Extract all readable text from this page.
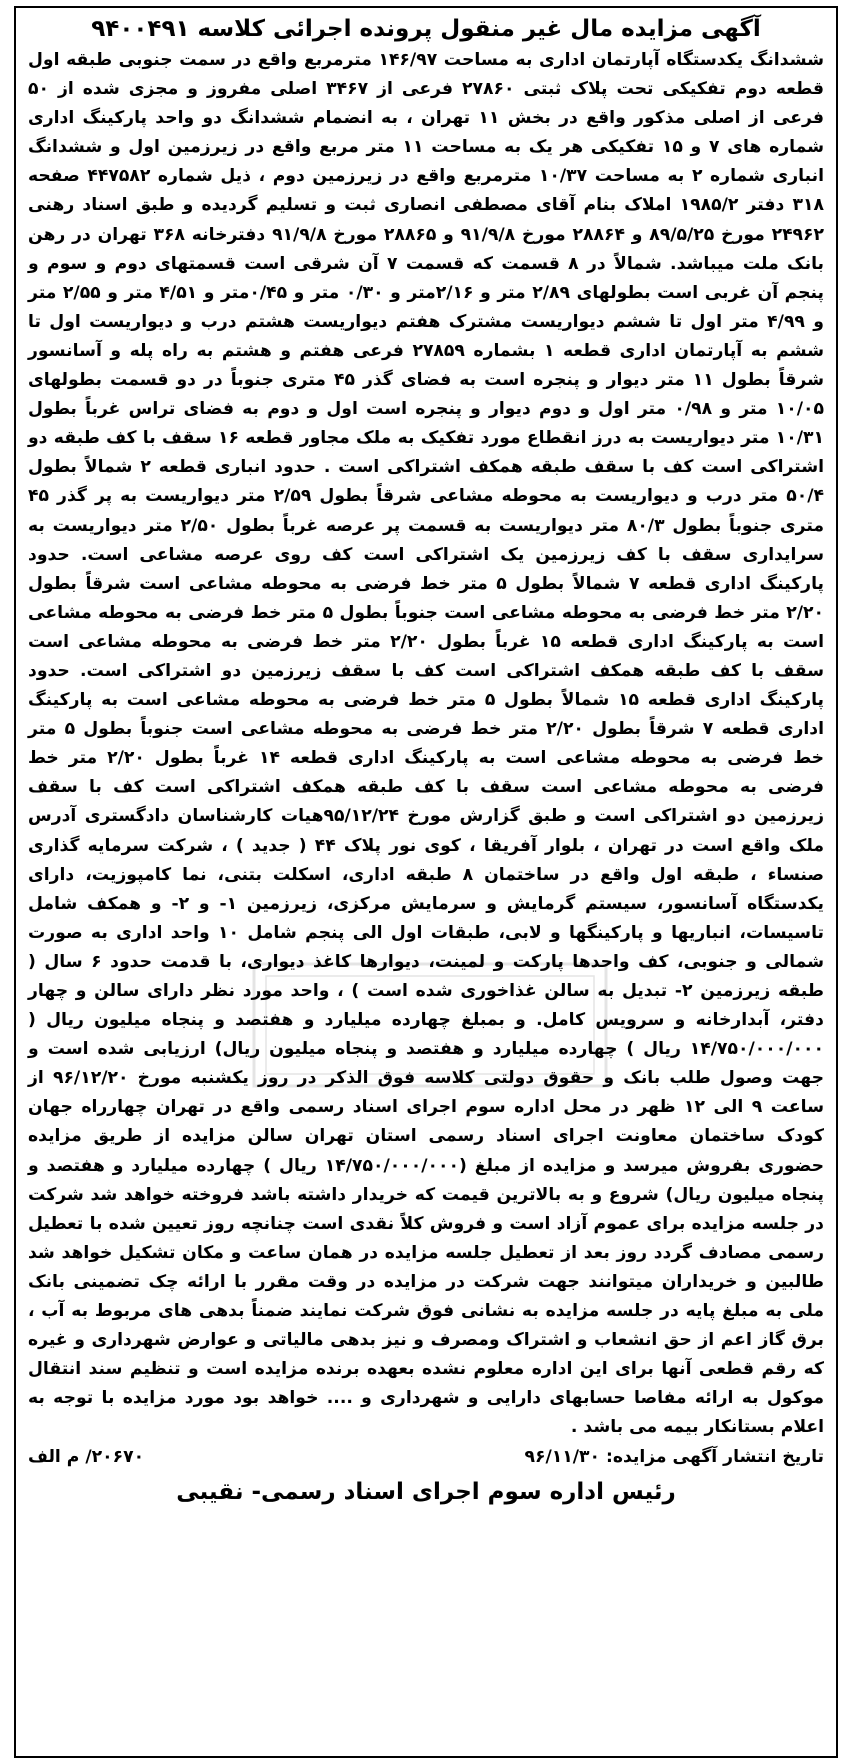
آگهی مزایده مال غیر منقول پرونده اجرائی کلاسه ۹۴۰۰۴۹۱

ششدانگ یکدستگاه آپارتمان اداری به مساحت ۱۴۶/۹۷ مترمربع واقع در سمت جنوبی طبقه اول قطعه دوم تفکیکی تحت پلاک ثبتی ۲۷۸۶۰ فرعی از ۳۴۶۷ اصلی مفروز و مجزی شده از ۵۰ فرعی از اصلی مذکور واقع در بخش ۱۱ تهران ، به انضمام ششدانگ دو واحد پارکینگ اداری شماره های ۷ و ۱۵ تفکیکی هر یک به مساحت ۱۱ متر مربع واقع در زیرزمین اول و ششدانگ انباری شماره ۲ به مساحت ۱۰/۳۷ مترمربع واقع در زیرزمین دوم ، ذیل شماره ۴۴۷۵۸۲ صفحه ۳۱۸ دفتر ۱۹۸۵/۲ املاک بنام آقای مصطفی انصاری ثبت و تسلیم گردیده و طبق اسناد رهنی ۲۴۹۶۲ مورخ ۸۹/۵/۲۵ و ۲۸۸۶۴ مورخ ۹۱/۹/۸ و ۲۸۸۶۵ مورخ ۹۱/۹/۸ دفترخانه ۳۶۸ تهران در رهن بانک ملت میباشد. شمالاً در ۸ قسمت که قسمت ۷ آن شرقی است قسمتهای دوم و سوم و پنجم آن غربی است بطولهای ۲/۸۹ متر و ۲/۱۶متر و ۰/۳۰ متر و ۰/۴۵متر و ۴/۵۱ متر و ۲/۵۵ متر و ۴/۹۹ متر اول تا ششم دیواریست مشترک هفتم دیواریست هشتم درب و دیواریست اول تا ششم به آپارتمان اداری قطعه ۱ بشماره ۲۷۸۵۹ فرعی هفتم و هشتم به راه پله و آسانسور شرقاً بطول ۱۱ متر دیوار و پنجره است به فضای گذر ۴۵ متری جنوباً در دو قسمت بطولهای ۱۰/۰۵ متر و ۰/۹۸ متر اول و دوم دیوار و پنجره است اول و دوم به فضای تراس غرباً بطول ۱۰/۳۱ متر دیواریست به درز انقطاع مورد تفکیک به ملک مجاور قطعه ۱۶ سقف با کف طبقه دو اشتراکی است کف با سقف طبقه همکف اشتراکی است . حدود انباری قطعه ۲ شمالاً بطول ۵۰/۴ متر درب و دیواریست به محوطه مشاعی شرقاً بطول ۲/۵۹ متر دیواریست به پر گذر ۴۵ متری جنوباً بطول ۸۰/۳ متر دیواریست به قسمت پر عرصه غرباً بطول ۲/۵۰ متر دیواریست به سرایداری سقف با کف زیرزمین یک اشتراکی است کف روی عرصه مشاعی است. حدود پارکینگ اداری قطعه ۷ شمالاً بطول ۵ متر خط فرضی به محوطه مشاعی است شرقاً بطول ۲/۲۰ متر خط فرضی به محوطه مشاعی است جنوباً بطول ۵ متر خط فرضی به محوطه مشاعی است به پارکینگ اداری قطعه ۱۵ غرباً بطول ۲/۲۰ متر خط فرضی به محوطه مشاعی است سقف با کف طبقه همکف اشتراکی است کف با سقف زیرزمین دو اشتراکی است. حدود پارکینگ اداری قطعه ۱۵ شمالاً بطول ۵ متر خط فرضی به محوطه مشاعی است به پارکینگ اداری قطعه ۷ شرقاً بطول ۲/۲۰ متر خط فرضی به محوطه مشاعی است جنوباً بطول ۵ متر خط فرضی به محوطه مشاعی است به پارکینگ اداری قطعه ۱۴ غرباً بطول ۲/۲۰ متر خط فرضی به محوطه مشاعی است سقف با کف طبقه همکف اشتراکی است کف با سقف زیرزمین دو اشتراکی است و طبق گزارش مورخ ۹۵/۱۲/۲۴هیات کارشناسان دادگستری آدرس ملک واقع است در تهران ، بلوار آفریقا ، کوی نور پلاک ۴۴ ( جدید ) ، شرکت سرمایه گذاری صنساء ، طبقه اول واقع در ساختمان ۸ طبقه اداری، اسکلت بتنی، نما کامپوزیت، دارای یکدستگاه آسانسور، سیستم گرمایش و سرمایش مرکزی، زیرزمین ۱- و ۲- و همکف شامل تاسیسات، انباریها و پارکینگها و لابی، طبقات اول الی پنجم شامل ۱۰ واحد اداری به صورت شمالی و جنوبی، کف واحدها پارکت و لمینت، دیوارها کاغذ دیواری، با قدمت حدود ۶ سال ( طبقه زیرزمین ۲- تبدیل به سالن غذاخوری شده است ) ، واحد مورد نظر دارای سالن و چهار دفتر، آبدارخانه و سرویس کامل. و بمبلغ چهارده میلیارد و هفتصد و پنجاه میلیون ریال ( ۱۴/۷۵۰/۰۰۰/۰۰۰ ریال ) چهارده میلیارد و هفتصد و پنجاه میلیون ریال) ارزیابی شده است و جهت وصول طلب بانک و حقوق دولتی کلاسه فوق الذکر در روز یکشنبه مورخ ۹۶/۱۲/۲۰ از ساعت ۹ الی ۱۲ ظهر در محل اداره سوم اجرای اسناد رسمی واقع در تهران چهارراه جهان کودک ساختمان معاونت اجرای اسناد رسمی استان تهران سالن مزایده از طریق مزایده حضوری بفروش میرسد و مزایده از مبلغ (۱۴/۷۵۰/۰۰۰/۰۰۰ ریال ) چهارده میلیارد و هفتصد و پنجاه میلیون ریال) شروع و به بالاترین قیمت که خریدار داشته باشد فروخته خواهد شد شرکت در جلسه مزایده برای عموم آزاد است و فروش کلاً نقدی است چنانچه روز تعیین شده با تعطیل رسمی مصادف گردد روز بعد از تعطیل جلسه مزایده در همان ساعت و مکان تشکیل خواهد شد طالبین و خریداران میتوانند جهت شرکت در مزایده در وقت مقرر با ارائه چک تضمینی بانک ملی به مبلغ پایه در جلسه مزایده به نشانی فوق شرکت نمایند ضمناً بدهی های مربوط به آب ، برق گاز اعم از حق انشعاب و اشتراک ومصرف و نیز بدهی مالیاتی و عوارض شهرداری و غیره که رقم قطعی آنها برای این اداره معلوم نشده بعهده برنده مزایده است و تنظیم سند انتقال موکول به ارائه مفاصا حسابهای دارایی و شهرداری و .... خواهد بود مورد مزایده با توجه به اعلام بستانکار بیمه می باشد .

تاریخ انتشار آگهی مزایده: ۹۶/۱۱/۳۰
۲۰۶۷۰/ م الف
رئیس اداره سوم اجرای اسناد رسمی- نقیبی
